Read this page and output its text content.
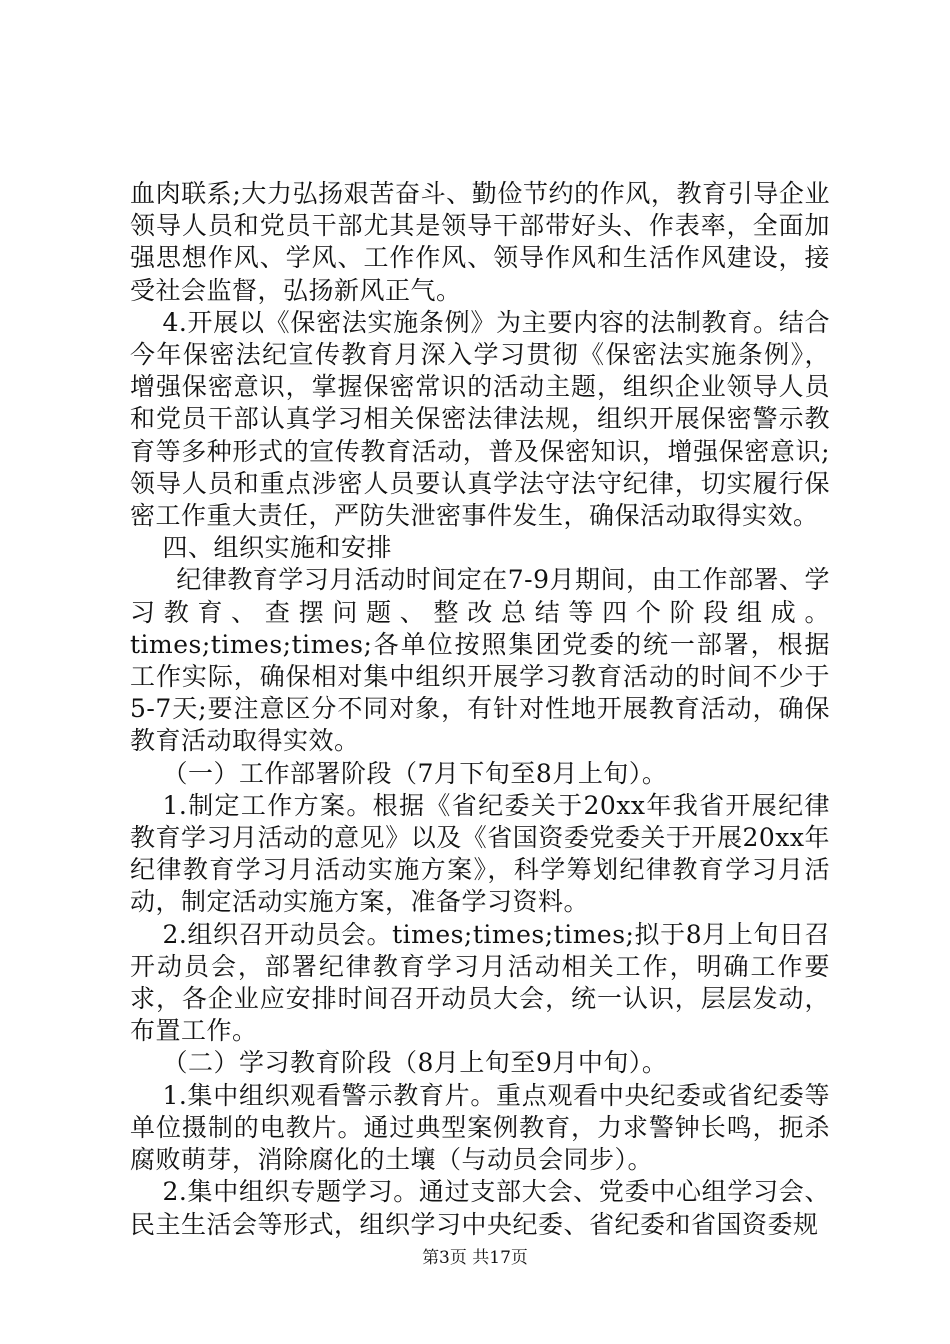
血肉联系;大力弘扬艰苦奋斗、勤俭节约的作风，教育引导企业领导人员和党员干部尤其是领导干部带好头、作表率，全面加强思想作风、学风、工作作风、领导作风和生活作风建设，接受社会监督，弘扬新风正气。

4.开展以《保密法实施条例》为主要内容的法制教育。结合今年保密法纪宣传教育月深入学习贯彻《保密法实施条例》，增强保密意识，掌握保密常识的活动主题，组织企业领导人员和党员干部认真学习相关保密法律法规，组织开展保密警示教育等多种形式的宣传教育活动，普及保密知识，增强保密意识;领导人员和重点涉密人员要认真学法守法守纪律，切实履行保密工作重大责任，严防失泄密事件发生，确保活动取得实效。

四、组织实施和安排

纪律教育学习月活动时间定在7-9月期间，由工作部署、学习教育、查摆问题、整改总结等四个阶段组成。times;times;times;各单位按照集团党委的统一部署，根据工作实际，确保相对集中组织开展学习教育活动的时间不少于5-7天;要注意区分不同对象，有针对性地开展教育活动，确保教育活动取得实效。

（一）工作部署阶段（7月下旬至8月上旬）。

1.制定工作方案。根据《省纪委关于20xx年我省开展纪律教育学习月活动的意见》以及《省国资委党委关于开展20xx年纪律教育学习月活动实施方案》，科学筹划纪律教育学习月活动，制定活动实施方案，准备学习资料。

2.组织召开动员会。times;times;times;拟于8月上旬日召开动员会，部署纪律教育学习月活动相关工作，明确工作要求，各企业应安排时间召开动员大会，统一认识，层层发动，布置工作。

（二）学习教育阶段（8月上旬至9月中旬）。

1.集中组织观看警示教育片。重点观看中央纪委或省纪委等单位摄制的电教片。通过典型案例教育，力求警钟长鸣，扼杀腐败萌芽，消除腐化的土壤（与动员会同步）。

2.集中组织专题学习。通过支部大会、党委中心组学习会、民主生活会等形式，组织学习中央纪委、省纪委和省国资委规

第3页 共17页
